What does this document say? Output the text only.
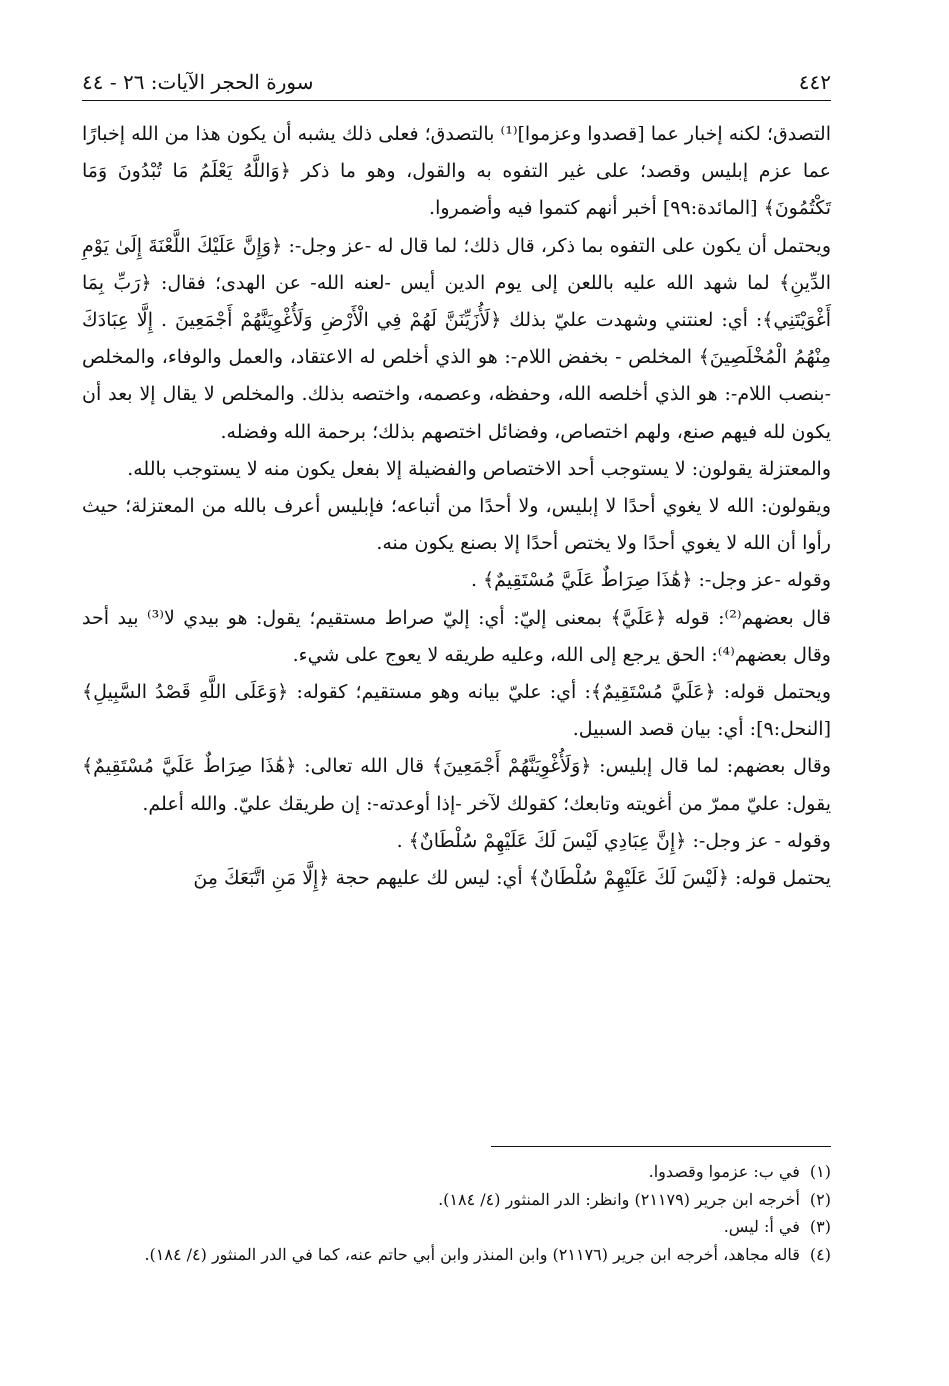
٤٤٢
سورة الحجر الآيات: ٢٦ - ٤٤

التصدق؛ لكنه إخبار عما [قصدوا وعزموا]⁽¹⁾ بالتصدق؛ فعلى ذلك يشبه أن يكون هذا من الله إخبارًا عما عزم إبليس وقصد؛ على غير التفوه به والقول، وهو ما ذكر ﴿وَاللَّهُ يَعْلَمُ مَا تُبْدُونَ وَمَا تَكْتُمُونَ﴾ [المائدة:٩٩] أخبر أنهم كتموا فيه وأضمروا.

ويحتمل أن يكون على التفوه بما ذكر، قال ذلك؛ لما قال له -عز وجل-: ﴿وَإِنَّ عَلَيْكَ اللَّعْنَةَ إِلَىٰ يَوْمِ الدِّينِ﴾ لما شهد الله عليه باللعن إلى يوم الدين أيس -لعنه الله- عن الهدى؛ فقال: ﴿رَبِّ بِمَا أَغْوَيْتَنِي﴾: أي: لعنتني وشهدت عليّ بذلك ﴿لَأُزَيِّنَنَّ لَهُمْ فِي الْأَرْضِ وَلَأُغْوِيَنَّهُمْ أَجْمَعِينَ . إِلَّا عِبَادَكَ مِنْهُمُ الْمُخْلَصِينَ﴾ المخلص - بخفض اللام-: هو الذي أخلص له الاعتقاد، والعمل والوفاء، والمخلص -بنصب اللام-: هو الذي أخلصه الله، وحفظه، وعصمه، واختصه بذلك. والمخلص لا يقال إلا بعد أن يكون لله فيهم صنع، ولهم اختصاص، وفضائل اختصهم بذلك؛ برحمة الله وفضله.

والمعتزلة يقولون: لا يستوجب أحد الاختصاص والفضيلة إلا بفعل يكون منه لا يستوجب بالله.

ويقولون: الله لا يغوي أحدًا لا إبليس، ولا أحدًا من أتباعه؛ فإبليس أعرف بالله من المعتزلة؛ حيث رأوا أن الله لا يغوي أحدًا ولا يختص أحدًا إلا بصنع يكون منه.

وقوله -عز وجل-: ﴿هَٰذَا صِرَاطٌ عَلَيَّ مُسْتَقِيمٌ﴾ .

قال بعضهم⁽²⁾: قوله ﴿عَلَيَّ﴾ بمعنى إليّ: أي: إليّ صراط مستقيم؛ يقول: هو بيدي لا⁽³⁾ بيد أحد وقال بعضهم⁽⁴⁾: الحق يرجع إلى الله، وعليه طريقه لا يعوج على شيء.

ويحتمل قوله: ﴿عَلَيَّ مُسْتَقِيمٌ﴾: أي: عليّ بيانه وهو مستقيم؛ كقوله: ﴿وَعَلَى اللَّهِ قَصْدُ السَّبِيلِ﴾ [النحل:٩]: أي: بيان قصد السبيل.

وقال بعضهم: لما قال إبليس: ﴿وَلَأُغْوِيَنَّهُمْ أَجْمَعِينَ﴾ قال الله تعالى: ﴿هَٰذَا صِرَاطٌ عَلَيَّ مُسْتَقِيمٌ﴾ يقول: عليّ ممرّ من أغويته وتابعك؛ كقولك لآخر -إذا أوعدته-: إن طريقك عليّ. والله أعلم.

وقوله - عز وجل-: ﴿إِنَّ عِبَادِي لَيْسَ لَكَ عَلَيْهِمْ سُلْطَانٌ﴾ .

يحتمل قوله: ﴿لَيْسَ لَكَ عَلَيْهِمْ سُلْطَانٌ﴾ أي: ليس لك عليهم حجة ﴿إِلَّا مَنِ اتَّبَعَكَ مِنَ

(١)في ب: عزموا وقصدوا.

(٢)أخرجه ابن جرير (٢١١٧٩) وانظر: الدر المنثور (٤/ ١٨٤).

(٣)في أ: ليس.

(٤)قاله مجاهد، أخرجه ابن جرير (٢١١٧٦) وابن المنذر وابن أبي حاتم عنه، كما في الدر المنثور (٤/ ١٨٤).
